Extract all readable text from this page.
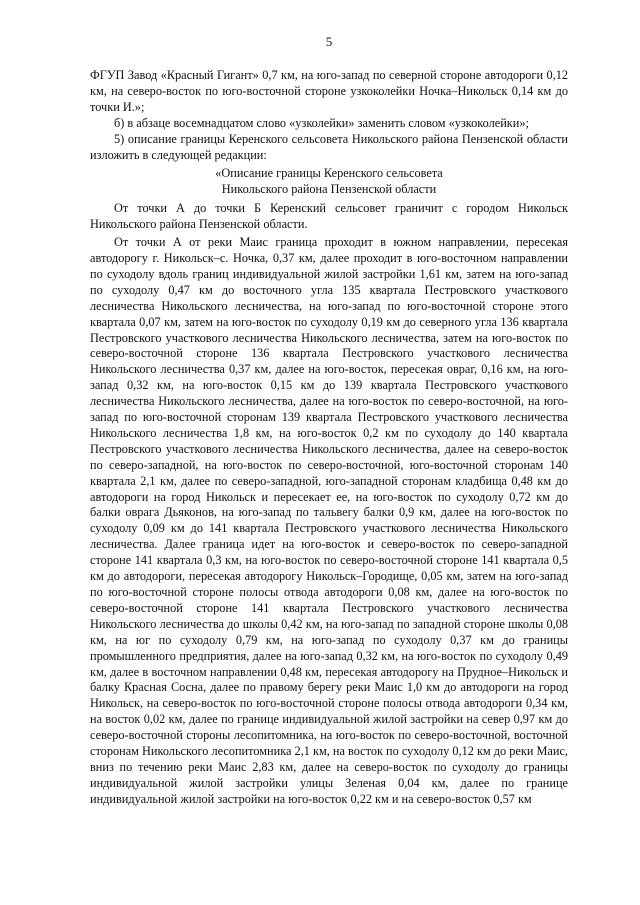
5

ФГУП Завод «Красный Гигант» 0,7 км, на юго-запад по северной стороне автодороги 0,12 км, на северо-восток по юго-восточной стороне узкоколейки Ночка–Никольск 0,14 км до точки И.»;

б) в абзаце восемнадцатом слово «узколейки» заменить словом «узкоколейки»;

5) описание границы Керенского сельсовета Никольского района Пензенской области изложить в следующей редакции:

«Описание границы Керенского сельсовета

Никольского района Пензенской области

От точки А до точки Б Керенский сельсовет граничит с городом Никольск Никольского района Пензенской области.

От точки А от реки Маис граница проходит в южном направлении, пересекая автодорогу г. Никольск–с. Ночка, 0,37 км, далее проходит в юго-восточном направлении по суходолу вдоль границ индивидуальной жилой застройки 1,61 км, затем на юго-запад по суходолу 0,47 км до восточного угла 135 квартала Пестровского участкового лесничества Никольского лесничества, на юго-запад по юго-восточной стороне этого квартала 0,07 км, затем на юго-восток по суходолу 0,19 км до северного угла 136 квартала Пестровского участкового лесничества Никольского лесничества, затем на юго-восток по северо-восточной стороне 136 квартала Пестровского участкового лесничества Никольского лесничества 0,37 км, далее на юго-восток, пересекая овраг, 0,16 км, на юго-запад 0,32 км, на юго-восток 0,15 км до 139 квартала Пестровского участкового лесничества Никольского лесничества, далее на юго-восток по северо-восточной, на юго-запад по юго-восточной сторонам 139 квартала Пестровского участкового лесничества Никольского лесничества 1,8 км, на юго-восток 0,2 км по суходолу до 140 квартала Пестровского участкового лесничества Никольского лесничества, далее на северо-восток по северо-западной, на юго-восток по северо-восточной, юго-восточной сторонам 140 квартала 2,1 км, далее по северо-западной, юго-западной сторонам кладбища 0,48 км до автодороги на город Никольск и пересекает ее, на юго-восток по суходолу 0,72 км до балки оврага Дьяконов, на юго-запад по тальвегу балки 0,9 км, далее на юго-восток по суходолу 0,09 км до 141 квартала Пестровского участкового лесничества Никольского лесничества. Далее граница идет на юго-восток и северо-восток по северо-западной стороне 141 квартала 0,3 км, на юго-восток по северо-восточной стороне 141 квартала 0,5 км до автодороги, пересекая автодорогу Никольск–Городище, 0,05 км, затем на юго-запад по юго-восточной стороне полосы отвода автодороги 0,08 км, далее на юго-восток по северо-восточной стороне 141 квартала Пестровского участкового лесничества Никольского лесничества до школы 0,42 км, на юго-запад по западной стороне школы 0,08 км, на юг по суходолу 0,79 км, на юго-запад по суходолу 0,37 км до границы промышленного предприятия, далее на юго-запад 0,32 км, на юго-восток по суходолу 0,49 км, далее в восточном направлении 0,48 км, пересекая автодорогу на Прудное–Никольск и балку Красная Сосна, далее по правому берегу реки Маис 1,0 км до автодороги на город Никольск, на северо-восток по юго-восточной стороне полосы отвода автодороги 0,34 км, на восток 0,02 км, далее по границе индивидуальной жилой застройки на север 0,97 км до северо-восточной стороны лесопитомника, на юго-восток по северо-восточной, восточной сторонам Никольского лесопитомника 2,1 км, на восток по суходолу 0,12 км до реки Маис, вниз по течению реки Маис 2,83 км, далее на северо-восток по суходолу до границы индивидуальной жилой застройки улицы Зеленая 0,04 км, далее по границе индивидуальной жилой застройки на юго-восток 0,22 км и на северо-восток 0,57 км
